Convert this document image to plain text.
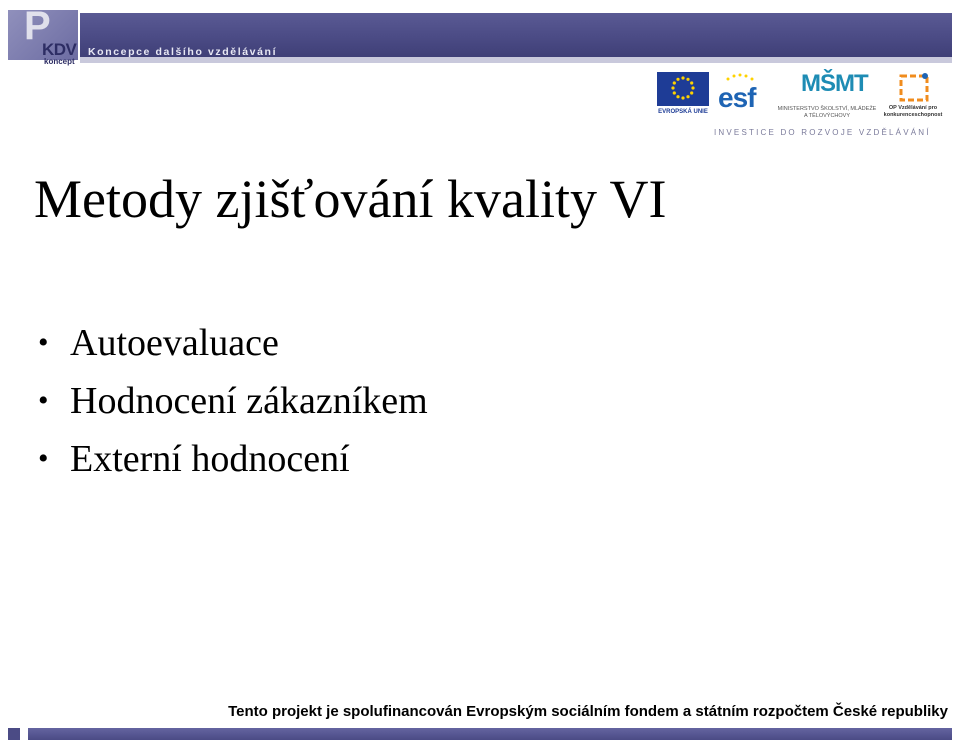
P
KDV
koncept
Koncepce dalšího vzdělávání
EVROPSKÁ UNIE esf MŠMT
MINISTERSTVO ŠKOLSTVÍ, MLÁDEŽE A TĚLOVÝCHOVY
OP Vzdělávání pro konkurenceschopnost
INVESTICE DO ROZVOJE VZDĚLÁVÁNÍ
Metody zjišťování kvality VI
• Autoevaluace
• Hodnocení zákazníkem
• Externí hodnocení
Tento projekt je spolufinancován Evropským sociálním fondem a státním rozpočtem České republiky
